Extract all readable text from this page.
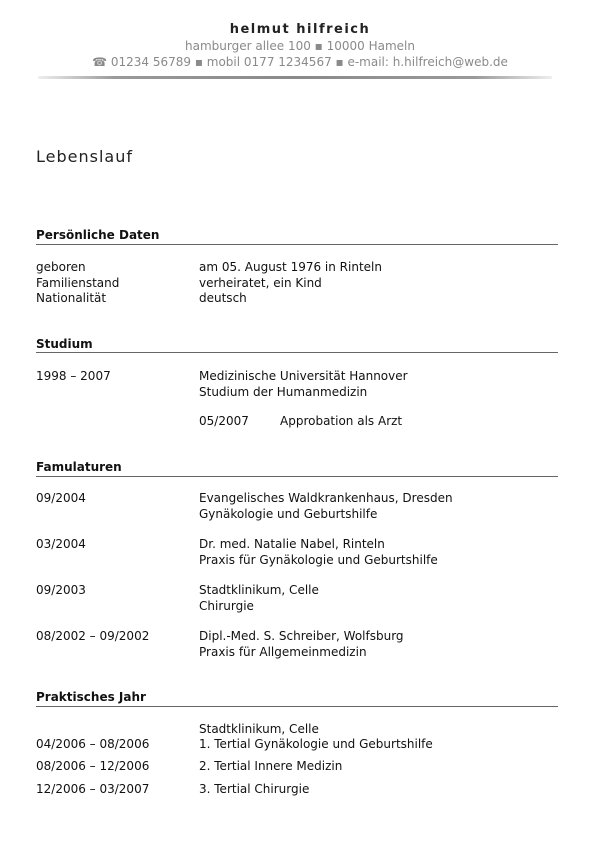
helmut hilfreich
hamburger allee 100 ▪ 10000 Hameln
☎ 01234 56789 ▪ mobil 0177 1234567 ▪ e-mail: h.hilfreich@web.de
Lebenslauf
Persönliche Daten
geboren	am 05. August 1976 in Rinteln
Familienstand	verheiratet, ein Kind
Nationalität	deutsch
Studium
1998 – 2007	Medizinische Universität Hannover
Studium der Humanmedizin
05/2007	Approbation als Arzt
Famulaturen
09/2004	Evangelisches Waldkrankenhaus, Dresden
Gynäkologie und Geburtshilfe
03/2004	Dr. med. Natalie Nabel, Rinteln
Praxis für Gynäkologie und Geburtshilfe
09/2003	Stadtklinikum, Celle
Chirurgie
08/2002 – 09/2002	Dipl.-Med. S. Schreiber, Wolfsburg
Praxis für Allgemeinmedizin
Praktisches Jahr
Stadtklinikum, Celle
04/2006 – 08/2006	1. Tertial Gynäkologie und Geburtshilfe
08/2006 – 12/2006	2. Tertial Innere Medizin
12/2006 – 03/2007	3. Tertial Chirurgie
